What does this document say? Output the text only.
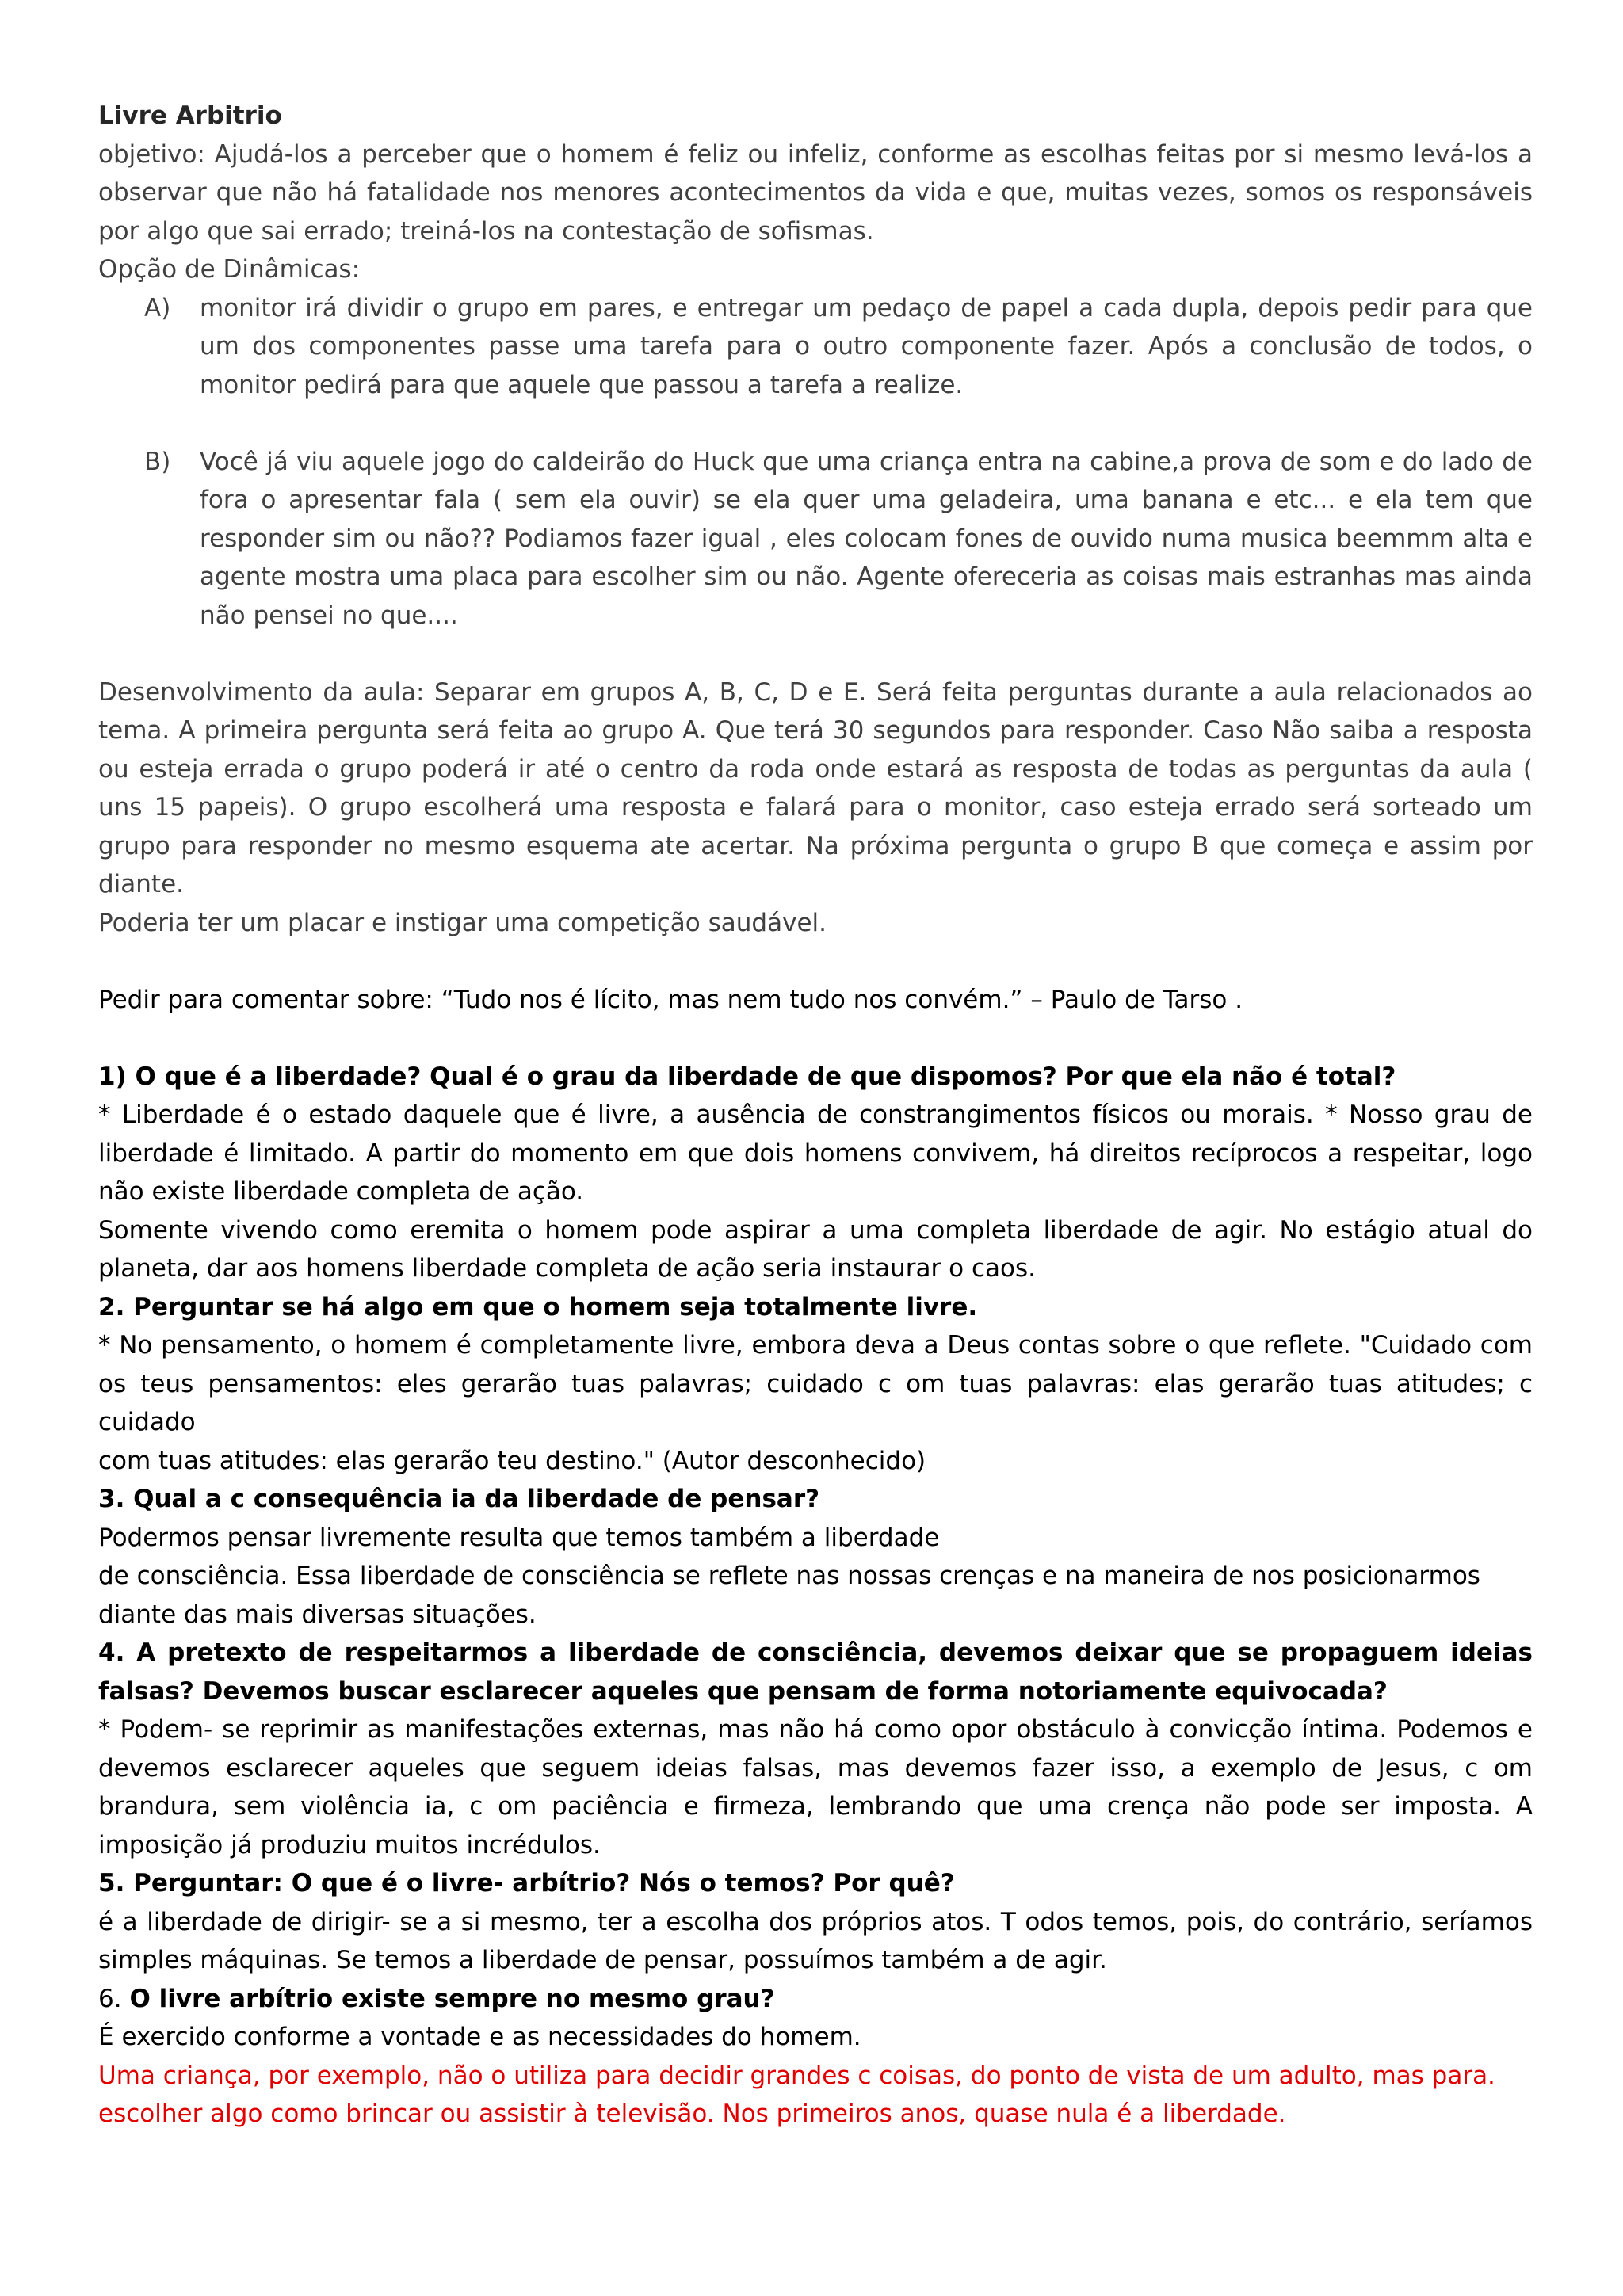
Livre Arbitrio

objetivo: Ajudá-los a perceber que o homem é feliz ou infeliz, conforme as escolhas feitas por si mesmo levá-los a observar que não há fatalidade nos menores acontecimentos da vida e que, muitas vezes, somos os responsáveis por algo que sai errado; treiná-los na contestação de sofismas.

Opção de Dinâmicas:

A) monitor irá dividir o grupo em pares, e entregar um pedaço de papel a cada dupla, depois pedir para que um dos componentes passe uma tarefa para o outro componente fazer. Após a conclusão de todos, o monitor pedirá para que aquele que passou a tarefa a realize.
B) Você já viu aquele jogo do caldeirão do Huck que uma criança entra na cabine,a prova de som e do lado de fora o apresentar fala ( sem ela ouvir) se ela quer uma geladeira, uma banana e etc... e ela tem que responder sim ou não?? Podiamos fazer igual , eles colocam fones de ouvido numa musica beemmm alta e agente mostra uma placa para escolher sim ou não. Agente ofereceria as coisas mais estranhas mas ainda não pensei no que....

Desenvolvimento da aula: Separar em grupos A, B, C, D e E. Será feita perguntas durante a aula relacionados ao tema. A primeira pergunta será feita ao grupo A. Que terá 30 segundos para responder. Caso Não saiba a resposta ou esteja errada o grupo poderá ir até o centro da roda onde estará as resposta de todas as perguntas da aula ( uns 15 papeis). O grupo escolherá uma resposta e falará para o monitor, caso esteja errado será sorteado um grupo para responder no mesmo esquema ate acertar. Na próxima pergunta o grupo B que começa e assim por diante.

Poderia ter um placar e instigar uma competição saudável.

Pedir para comentar sobre: “Tudo nos é lícito, mas nem tudo nos convém.” – Paulo de Tarso .

1) O que é a liberdade? Qual é o grau da liberdade de que dispomos? Por que ela não é total?

* Liberdade é o estado daquele que é livre, a ausência de constrangimentos físicos ou morais. * Nosso grau de liberdade é limitado. A partir do momento em que dois homens convivem, há direitos recíprocos a respeitar, logo não existe liberdade completa de ação.

Somente vivendo como eremita o homem pode aspirar a uma completa liberdade de agir. No estágio atual do planeta, dar aos homens liberdade completa de ação seria instaurar o caos.

2. Perguntar se há algo em que o homem seja totalmente livre.

* No pensamento, o homem é completamente livre, embora deva a Deus contas sobre o que reflete. "Cuidado com os teus pensamentos: eles gerarão tuas palavras; cuidado c om tuas palavras: elas gerarão tuas atitudes; c cuidado

com tuas atitudes: elas gerarão teu destino." (Autor desconhecido)

3. Qual a c consequência ia da liberdade de pensar?

Podermos pensar livremente resulta que temos também a liberdade

de consciência. Essa liberdade de consciência se reflete nas nossas crenças e na maneira de nos posicionarmos diante das mais diversas situações.

4. A pretexto de respeitarmos a liberdade de consciência, devemos deixar que se propaguem ideias falsas? Devemos buscar esclarecer aqueles que pensam de forma notoriamente equivocada?

* Podem- se reprimir as manifestações externas, mas não há como opor obstáculo à convicção íntima. Podemos e devemos esclarecer aqueles que seguem ideias falsas, mas devemos fazer isso, a exemplo de Jesus, c om brandura, sem violência ia, c om paciência e firmeza, lembrando que uma crença não pode ser imposta. A imposição já produziu muitos incrédulos.

5. Perguntar: O que é o livre- arbítrio? Nós o temos? Por quê?

é a liberdade de dirigir- se a si mesmo, ter a escolha dos próprios atos. T odos temos, pois, do contrário, seríamos simples máquinas. Se temos a liberdade de pensar, possuímos também a de agir.

6. O livre arbítrio existe sempre no mesmo grau?

É exercido conforme a vontade e as necessidades do homem.

Uma criança, por exemplo, não o utiliza para decidir grandes c coisas, do ponto de vista de um adulto, mas para. escolher algo como brincar ou assistir à televisão. Nos primeiros anos, quase nula é a liberdade.
